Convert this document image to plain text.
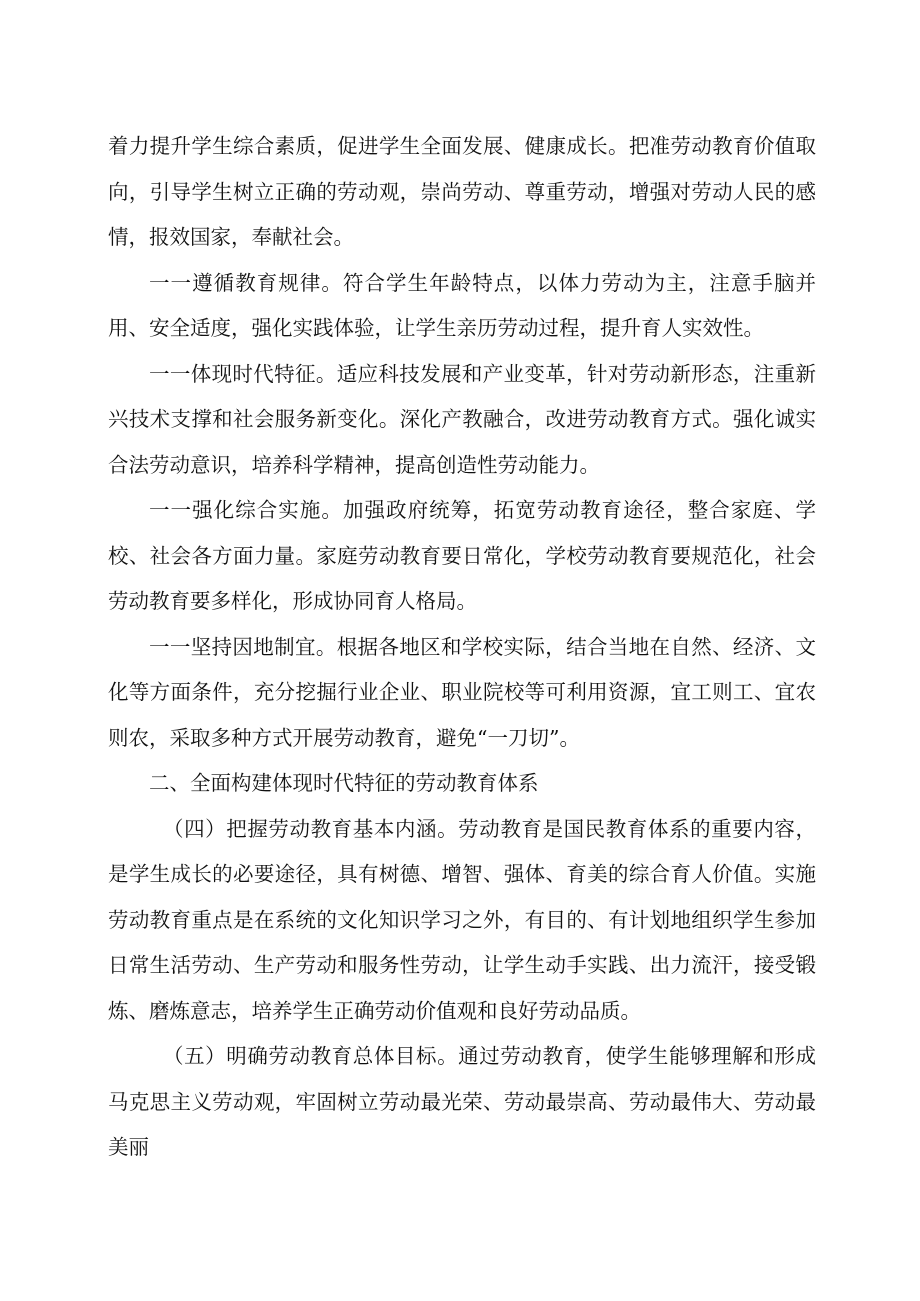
着力提升学生综合素质，促进学生全面发展、健康成长。把准劳动教育价值取向，引导学生树立正确的劳动观，崇尚劳动、尊重劳动，增强对劳动人民的感情，报效国家，奉献社会。

一一遵循教育规律。符合学生年龄特点，以体力劳动为主，注意手脑并用、安全适度，强化实践体验，让学生亲历劳动过程，提升育人实效性。

一一体现时代特征。适应科技发展和产业变革，针对劳动新形态，注重新兴技术支撑和社会服务新变化。深化产教融合，改进劳动教育方式。强化诚实合法劳动意识，培养科学精神，提高创造性劳动能力。

一一强化综合实施。加强政府统筹，拓宽劳动教育途径，整合家庭、学校、社会各方面力量。家庭劳动教育要日常化，学校劳动教育要规范化，社会劳动教育要多样化，形成协同育人格局。

一一坚持因地制宜。根据各地区和学校实际，结合当地在自然、经济、文化等方面条件，充分挖掘行业企业、职业院校等可利用资源，宜工则工、宜农则农，采取多种方式开展劳动教育，避免“一刀切”。

二、全面构建体现时代特征的劳动教育体系

（四）把握劳动教育基本内涵。劳动教育是国民教育体系的重要内容，是学生成长的必要途径，具有树德、增智、强体、育美的综合育人价值。实施劳动教育重点是在系统的文化知识学习之外，有目的、有计划地组织学生参加日常生活劳动、生产劳动和服务性劳动，让学生动手实践、出力流汗，接受锻炼、磨炼意志，培养学生正确劳动价值观和良好劳动品质。

（五）明确劳动教育总体目标。通过劳动教育，使学生能够理解和形成马克思主义劳动观，牢固树立劳动最光荣、劳动最崇高、劳动最伟大、劳动最美丽
